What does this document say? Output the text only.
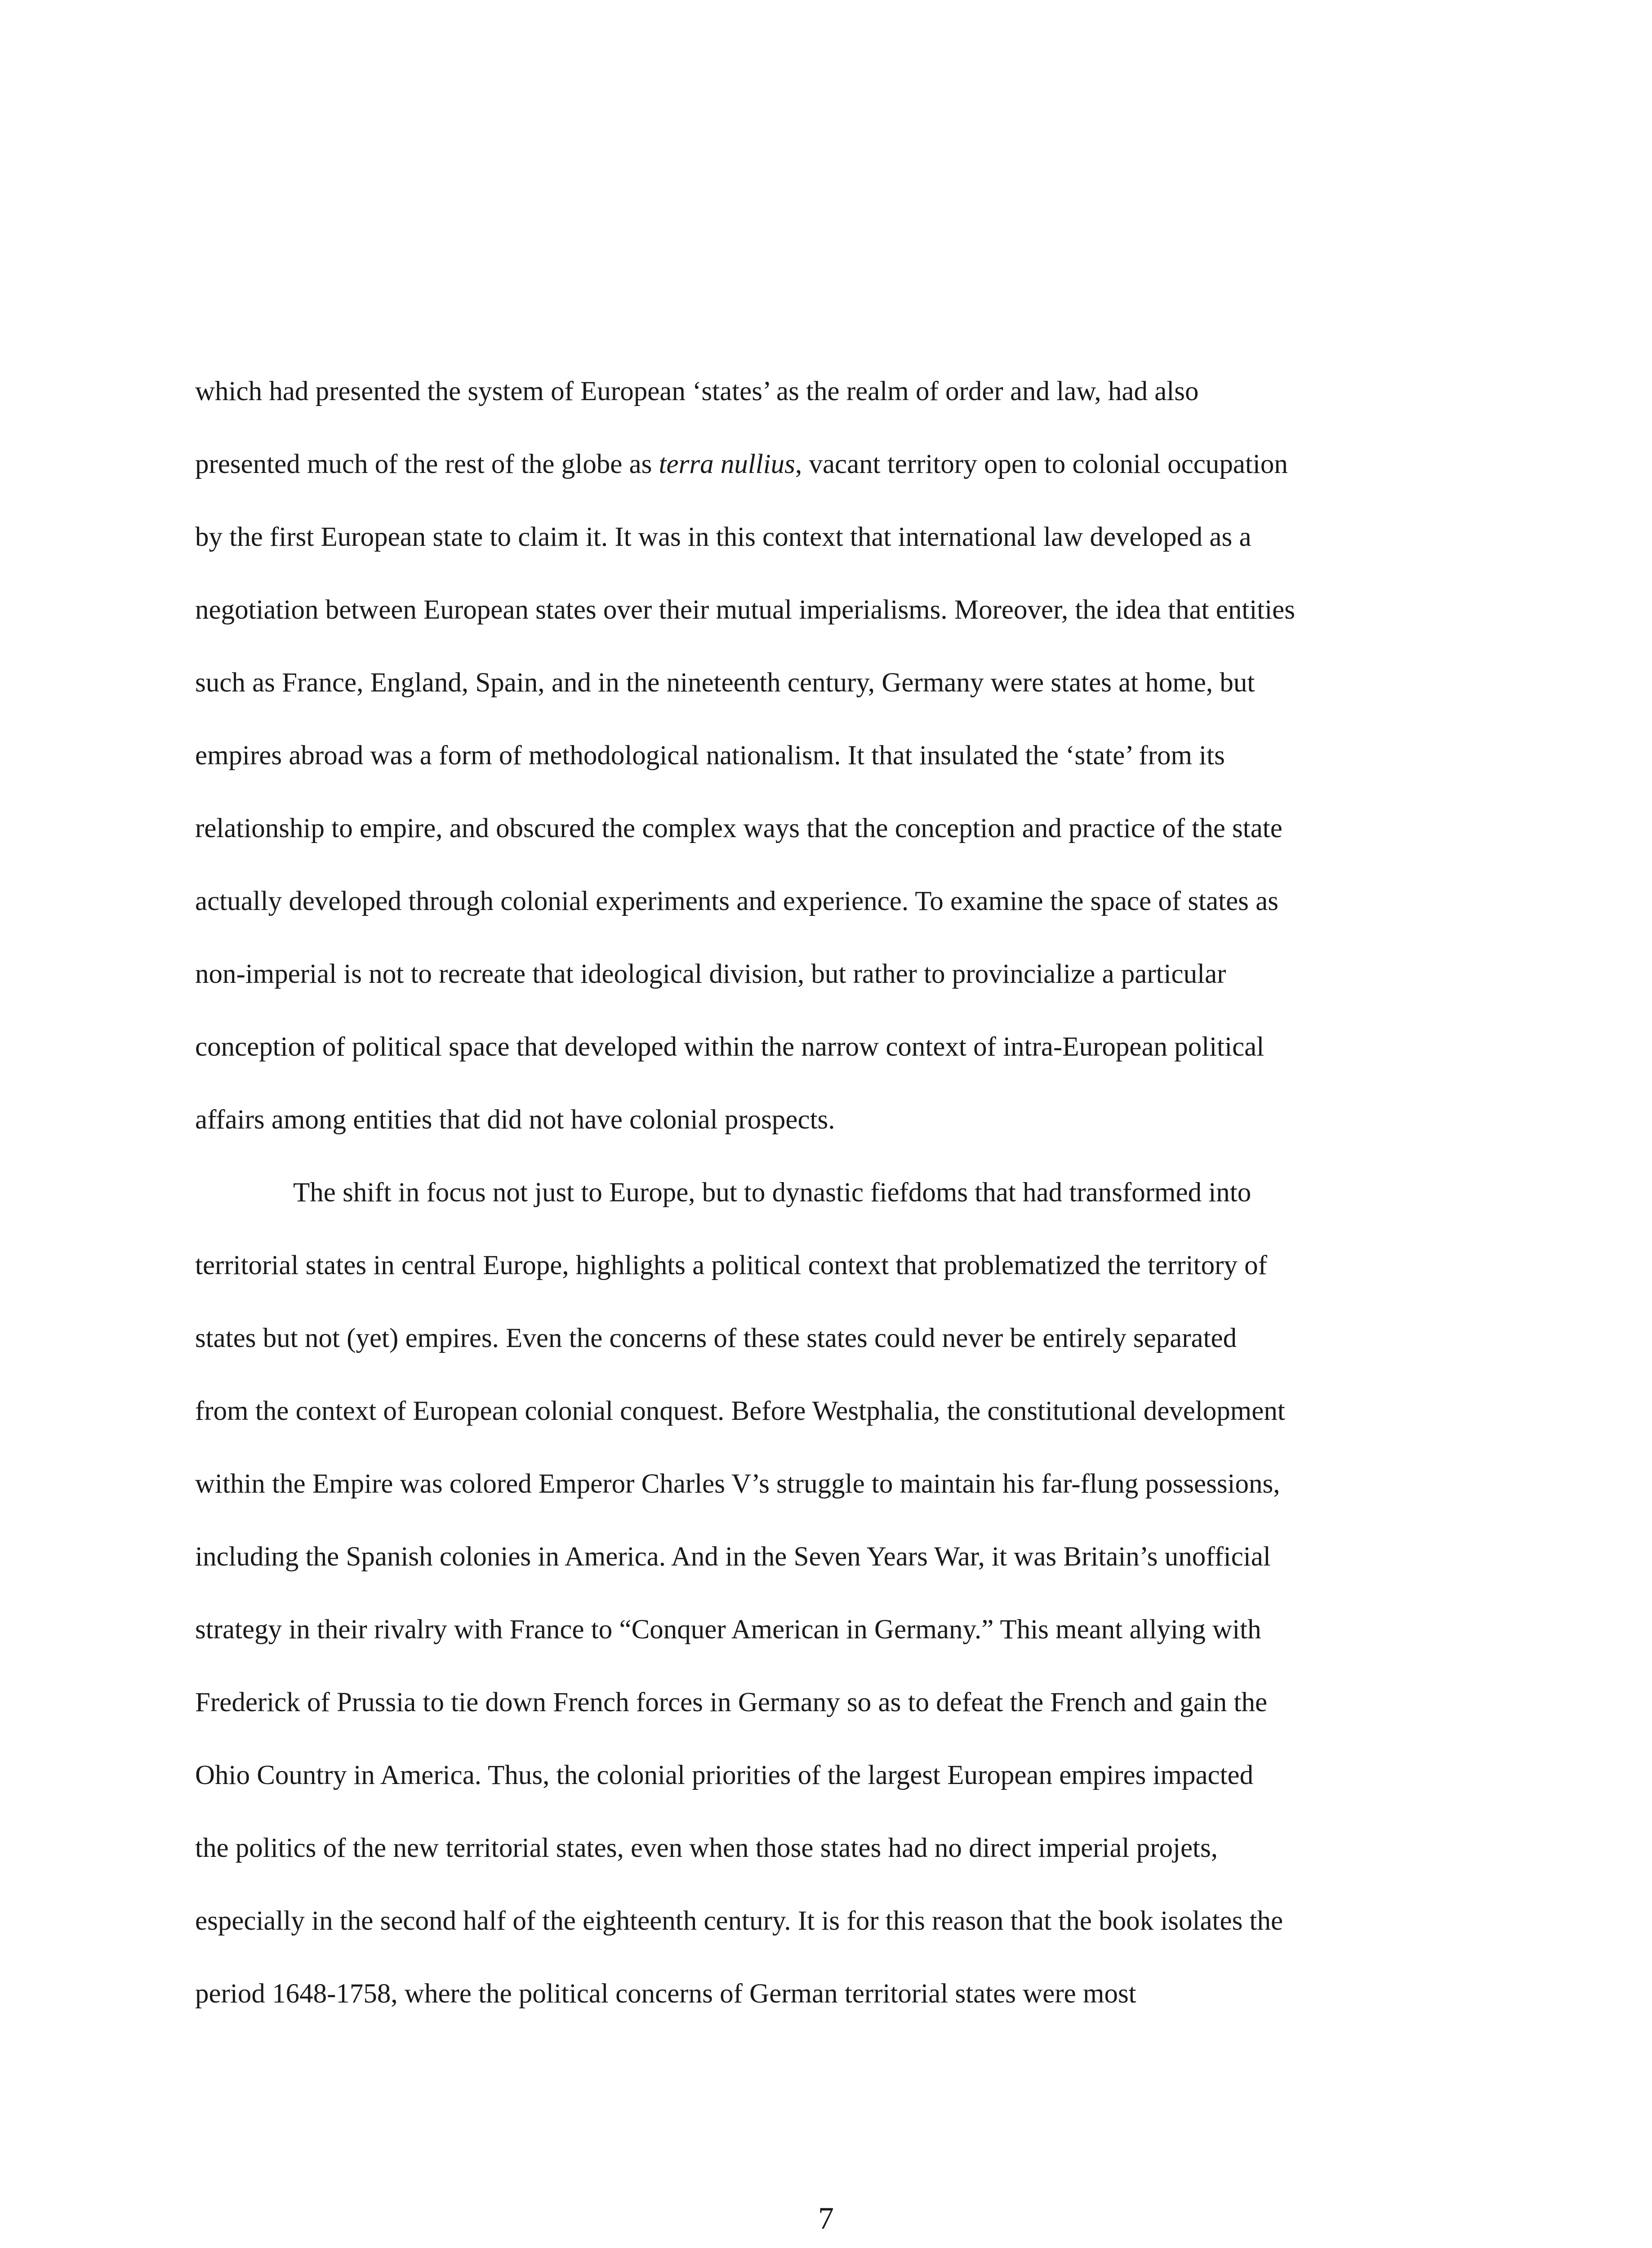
which had presented the system of European ‘states’ as the realm of order and law, had also
presented much of the rest of the globe as terra nullius, vacant territory open to colonial occupation
by the first European state to claim it. It was in this context that international law developed as a
negotiation between European states over their mutual imperialisms. Moreover, the idea that entities
such as France, England, Spain, and in the nineteenth century, Germany were states at home, but
empires abroad was a form of methodological nationalism. It that insulated the ‘state’ from its
relationship to empire, and obscured the complex ways that the conception and practice of the state
actually developed through colonial experiments and experience. To examine the space of states as
non-imperial is not to recreate that ideological division, but rather to provincialize a particular
conception of political space that developed within the narrow context of intra-European political
affairs among entities that did not have colonial prospects.
The shift in focus not just to Europe, but to dynastic fiefdoms that had transformed into
territorial states in central Europe, highlights a political context that problematized the territory of
states but not (yet) empires. Even the concerns of these states could never be entirely separated
from the context of European colonial conquest. Before Westphalia, the constitutional development
within the Empire was colored Emperor Charles V’s struggle to maintain his far-flung possessions,
including the Spanish colonies in America. And in the Seven Years War, it was Britain’s unofficial
strategy in their rivalry with France to “Conquer American in Germany.” This meant allying with
Frederick of Prussia to tie down French forces in Germany so as to defeat the French and gain the
Ohio Country in America. Thus, the colonial priorities of the largest European empires impacted
the politics of the new territorial states, even when those states had no direct imperial projets,
especially in the second half of the eighteenth century. It is for this reason that the book isolates the
period 1648-1758, where the political concerns of German territorial states were most
7
